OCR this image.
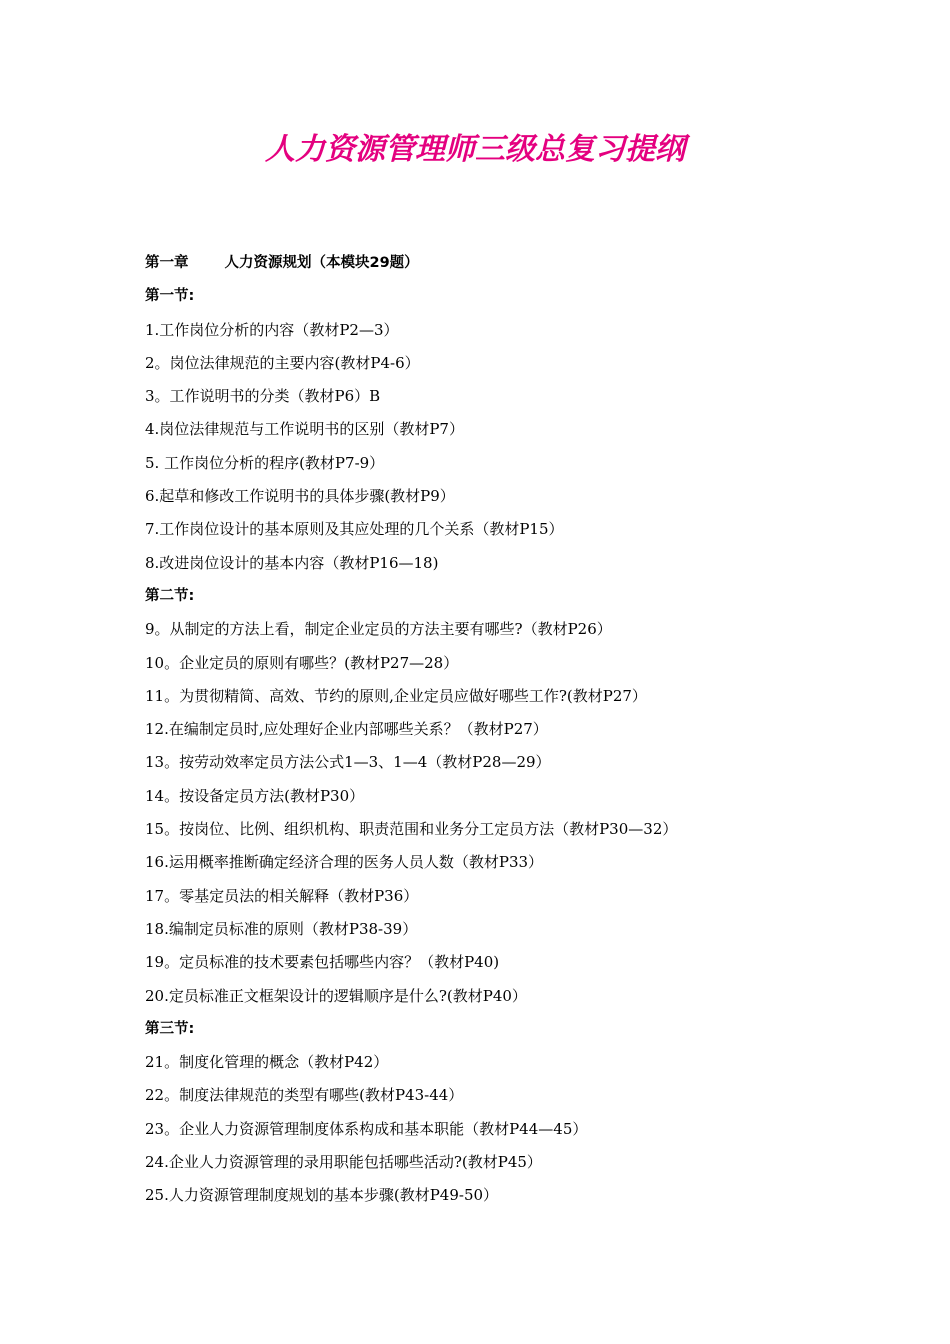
人力资源管理师三级总复习提纲
第一章 人力资源规划（本模块29题）
第一节:
1.工作岗位分析的内容（教材P2—3）
2。岗位法律规范的主要内容(教材P4-6）
3。工作说明书的分类（教材P6）B
4.岗位法律规范与工作说明书的区别（教材P7）
5. 工作岗位分析的程序(教材P7-9）
6.起草和修改工作说明书的具体步骤(教材P9）
7.工作岗位设计的基本原则及其应处理的几个关系（教材P15）
8.改进岗位设计的基本内容（教材P16—18)
第二节:
9。从制定的方法上看，制定企业定员的方法主要有哪些?（教材P26）
10。企业定员的原则有哪些？(教材P27—28）
11。为贯彻精简、高效、节约的原则,企业定员应做好哪些工作?(教材P27）
12.在编制定员时,应处理好企业内部哪些关系？（教材P27）
13。按劳动效率定员方法公式1—3、1—4（教材P28—29）
14。按设备定员方法(教材P30）
15。按岗位、比例、组织机构、职责范围和业务分工定员方法（教材P30—32）
16.运用概率推断确定经济合理的医务人员人数（教材P33）
17。零基定员法的相关解释（教材P36）
18.编制定员标准的原则（教材P38-39）
19。定员标准的技术要素包括哪些内容？（教材P40)
20.定员标准正文框架设计的逻辑顺序是什么?(教材P40）
第三节:
21。制度化管理的概念（教材P42）
22。制度法律规范的类型有哪些(教材P43-44）
23。企业人力资源管理制度体系构成和基本职能（教材P44—45）
24.企业人力资源管理的录用职能包括哪些活动?(教材P45）
25.人力资源管理制度规划的基本步骤(教材P49-50）
